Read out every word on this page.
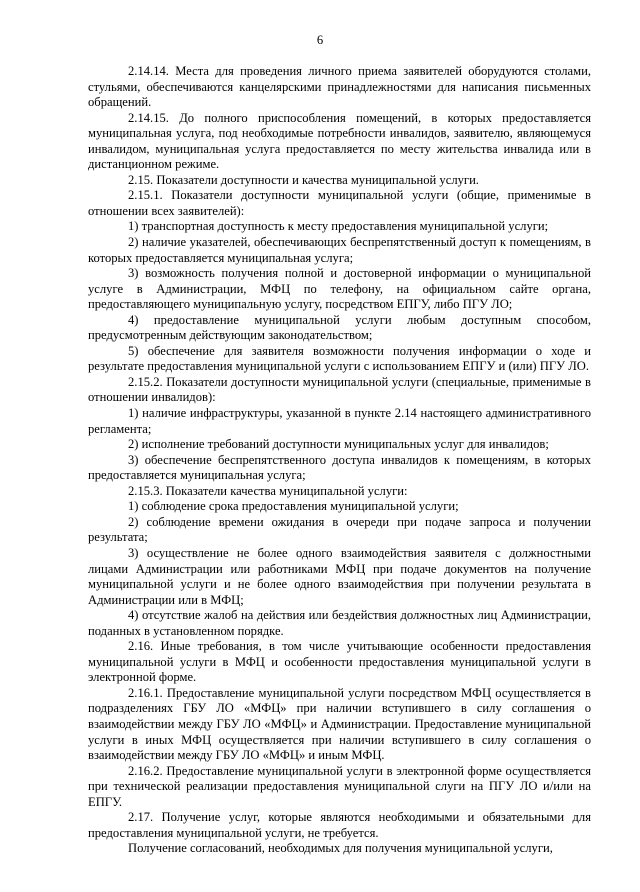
6

2.14.14. Места для проведения личного приема заявителей оборудуются столами, стульями, обеспечиваются канцелярскими принадлежностями для написания письменных обращений.

2.14.15. До полного приспособления помещений, в которых предоставляется муниципальная услуга, под необходимые потребности инвалидов, заявителю, являющемуся инвалидом, муниципальная услуга предоставляется по месту жительства инвалида или в дистанционном режиме.

2.15. Показатели доступности и качества муниципальной услуги.

2.15.1. Показатели доступности муниципальной услуги (общие, применимые в отношении всех заявителей):

1) транспортная доступность к месту предоставления муниципальной услуги;

2) наличие указателей, обеспечивающих беспрепятственный доступ к помещениям, в которых предоставляется муниципальная услуга;

3) возможность получения полной и достоверной информации о муниципальной услуге в Администрации, МФЦ по телефону, на официальном сайте органа, предоставляющего муниципальную услугу, посредством ЕПГУ, либо ПГУ ЛО;

4) предоставление муниципальной услуги любым доступным способом, предусмотренным действующим законодательством;

5) обеспечение для заявителя возможности получения информации о ходе и результате предоставления муниципальной услуги с использованием ЕПГУ и (или) ПГУ ЛО.

2.15.2. Показатели доступности муниципальной услуги (специальные, применимые в отношении инвалидов):

1) наличие инфраструктуры, указанной в пункте 2.14 настоящего административного регламента;

2) исполнение требований доступности муниципальных услуг для инвалидов;

3) обеспечение беспрепятственного доступа инвалидов к помещениям, в которых предоставляется муниципальная услуга;

2.15.3. Показатели качества муниципальной услуги:

1) соблюдение срока предоставления муниципальной услуги;

2) соблюдение времени ожидания в очереди при подаче запроса и получении результата;

3) осуществление не более одного взаимодействия заявителя с должностными лицами Администрации или работниками МФЦ при подаче документов на получение муниципальной услуги и не более одного взаимодействия при получении результата в Администрации или в МФЦ;

4) отсутствие жалоб на действия или бездействия должностных лиц Администрации, поданных в установленном порядке.

2.16. Иные требования, в том числе учитывающие особенности предоставления муниципальной услуги в МФЦ и особенности предоставления муниципальной услуги в электронной форме.

2.16.1. Предоставление муниципальной услуги посредством МФЦ осуществляется в подразделениях ГБУ ЛО «МФЦ» при наличии вступившего в силу соглашения о взаимодействии между ГБУ ЛО «МФЦ» и Администрации. Предоставление муниципальной услуги в иных МФЦ осуществляется при наличии вступившего в силу соглашения о взаимодействии между ГБУ ЛО «МФЦ» и иным МФЦ.

2.16.2. Предоставление муниципальной услуги в электронной форме осуществляется при технической реализации предоставления муниципальной слуги на ПГУ ЛО и/или на ЕПГУ.

2.17. Получение услуг, которые являются необходимыми и обязательными для предоставления муниципальной услуги, не требуется.

Получение согласований, необходимых для получения муниципальной услуги,
